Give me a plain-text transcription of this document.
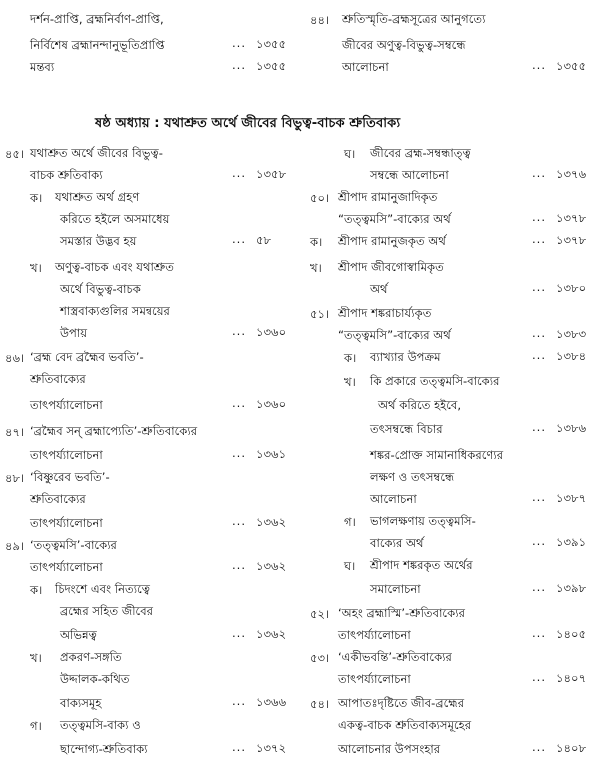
দর্শন-প্রাপ্তি, ব্রহ্মনির্বাণ-প্রাপ্তি,
নির্বিশেষ ব্রহ্মানন্দানুভূতিপ্রাপ্তি	... ১৩৫৫
মন্তব্য	... ১৩৫৫
৪৪। শ্রুতিস্মৃতি-ব্রহ্মসূত্রের আনুগত্যে
জীবের অণুত্ব-বিভুত্ব-সম্বন্ধে
আলোচনা	... ১৩৫৫
ষষ্ঠ অধ্যায় : যথাশ্রুত অর্থে জীবের বিভুত্ব-বাচক শ্রুতিবাক্য
৪৫। যথাশ্রুত অর্থে জীবের বিভুত্ব-
বাচক শ্রুতিবাক্য	... ১৩৫৮
ক। যথাশ্রুত অর্থ গ্রহণ
করিতে হইলে অসমাধেয়
সমস্তার উদ্ভব হয়	... ৫৮
খ। অণুত্ব-বাচক এবং যথাশ্রুত
অর্থে বিভুত্ব-বাচক
শাস্ত্রবাক্যগুলির সমন্বয়ের
উপায়	... ১৩৬০
৪৬। ‘ব্রহ্ম বেদ ব্রহ্মৈব ভবতি’-
শ্রুতিবাক্যের
তাৎপর্য্যালোচনা	... ১৩৬০
৪৭। ‘ব্রহ্মৈব সন্ ব্রহ্মাপ্যেতি’-শ্রুতিবাক্যের
তাৎপর্য্যালোচনা	... ১৩৬১
৪৮। ‘বিষ্ণুরেব ভবতি’-
শ্রুতিবাক্যের
তাৎপর্য্যালোচনা	... ১৩৬২
৪৯। ‘তত্ত্বমসি’-বাক্যের
তাৎপর্য্যালোচনা	... ১৩৬২
ক। চিদংশে এবং নিত্যত্বে
ব্রহ্মের সহিত জীবের
অভিন্নত্ব	... ১৩৬২
খ। প্রকরণ-সঙ্গতি
উদ্দালক-কথিত
বাক্যসমূহ	... ১৩৬৬
গ। তত্ত্বমসি-বাক্য ও
ছান্দোগ্য-শ্রুতিবাক্য	... ১৩৭২
ঘ। জীবের ব্রহ্ম-সম্বন্ধাত্ত্ব
সম্বন্ধে আলোচনা	... ১৩৭৬
৫০। শ্রীপাদ রামানুজাদিকৃত
“তত্ত্বমসি”-বাক্যের অর্থ	... ১৩৭৮
ক। শ্রীপাদ রামানুজকৃত অর্থ	... ১৩৭৮
খ। শ্রীপাদ জীবগোস্বামিকৃত
অর্থ	... ১৩৮০
৫১। শ্রীপাদ শঙ্করাচার্য্যকৃত
“তত্ত্বমসি”-বাক্যের অর্থ	... ১৩৮৩
ক। ব্যাখ্যার উপক্রম	... ১৩৮৪
খ। কি প্রকারে তত্ত্বমসি-বাক্যের
অর্থ করিতে হইবে,
তৎসম্বন্ধে বিচার	... ১৩৮৬
শঙ্কর-প্রোক্ত সামানাধিকরণ্যের
লক্ষণ ও তৎসম্বন্ধে
আলোচনা	... ১৩৮৭
গ। ভাগলক্ষণায় তত্ত্বমসি-
বাক্যের অর্থ	... ১৩৯১
ঘ। শ্রীপাদ শঙ্করকৃত অর্থের
সমালোচনা	... ১৩৯৮
৫২। ‘অহং ব্রহ্মাস্মি’-শ্রুতিবাক্যের
তাৎপর্য্যালোচনা	... ১৪০৫
৫৩। ‘একীভবন্তি’-শ্রুতিবাক্যের
তাৎপর্য্যালোচনা	... ১৪০৭
৫৪। আপাতঃদৃষ্টিতে জীব-ব্রহ্মের
একত্ব-বাচক শ্রুতিবাক্যসমূহের
আলোচনার উপসংহার	... ১৪০৮
